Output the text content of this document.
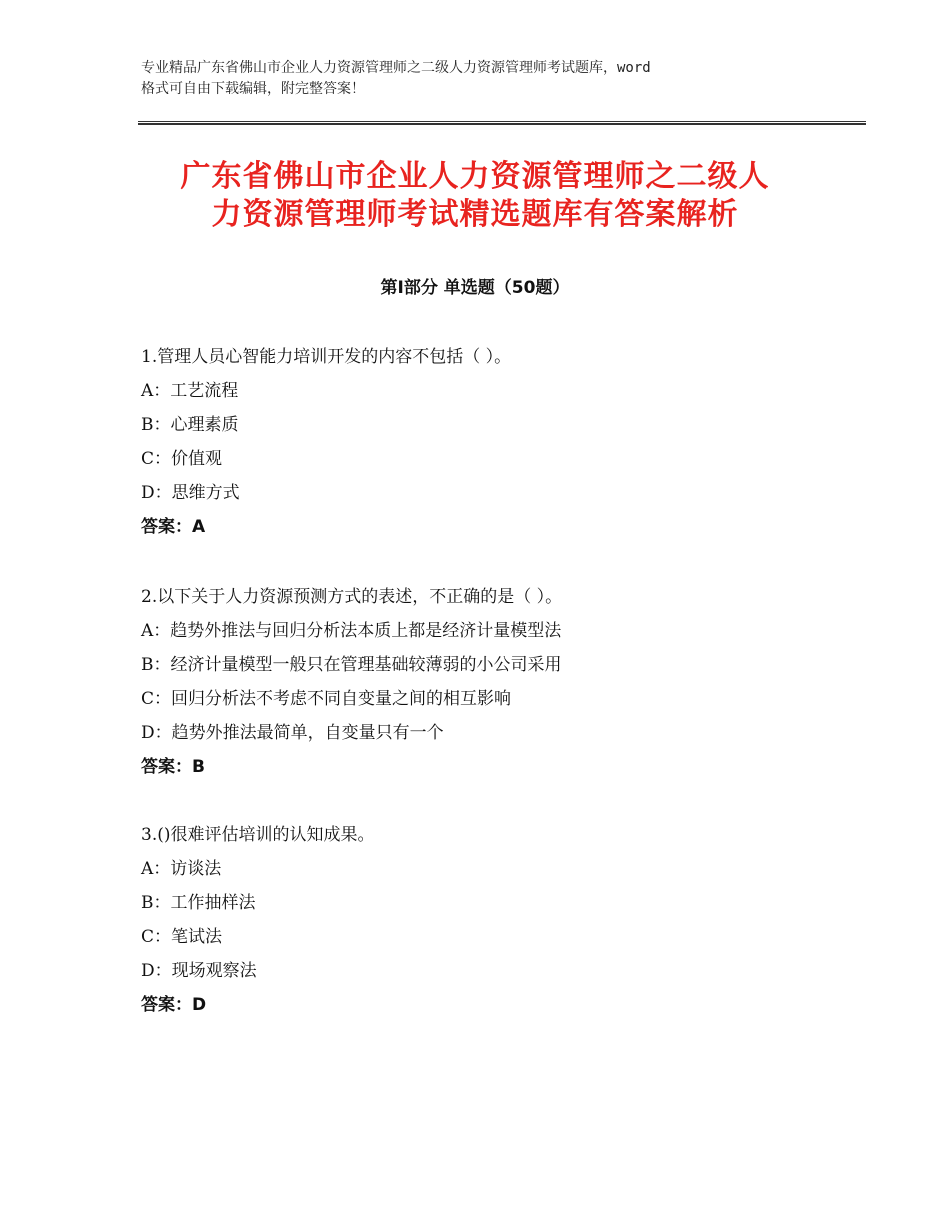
专业精品广东省佛山市企业人力资源管理师之二级人力资源管理师考试题库，word
格式可自由下载编辑，附完整答案！
广东省佛山市企业人力资源管理师之二级人
力资源管理师考试精选题库有答案解析
第Ⅰ部分 单选题（50题）
1.管理人员心智能力培训开发的内容不包括（ ）。
A：工艺流程
B：心理素质
C：价值观
D：思维方式
答案：A
2.以下关于人力资源预测方式的表述，不正确的是（ ）。
A：趋势外推法与回归分析法本质上都是经济计量模型法
B：经济计量模型一般只在管理基础较薄弱的小公司采用
C：回归分析法不考虑不同自变量之间的相互影响
D：趋势外推法最简单，自变量只有一个
答案：B
3.()很难评估培训的认知成果。
A：访谈法
B：工作抽样法
C：笔试法
D：现场观察法
答案：D
